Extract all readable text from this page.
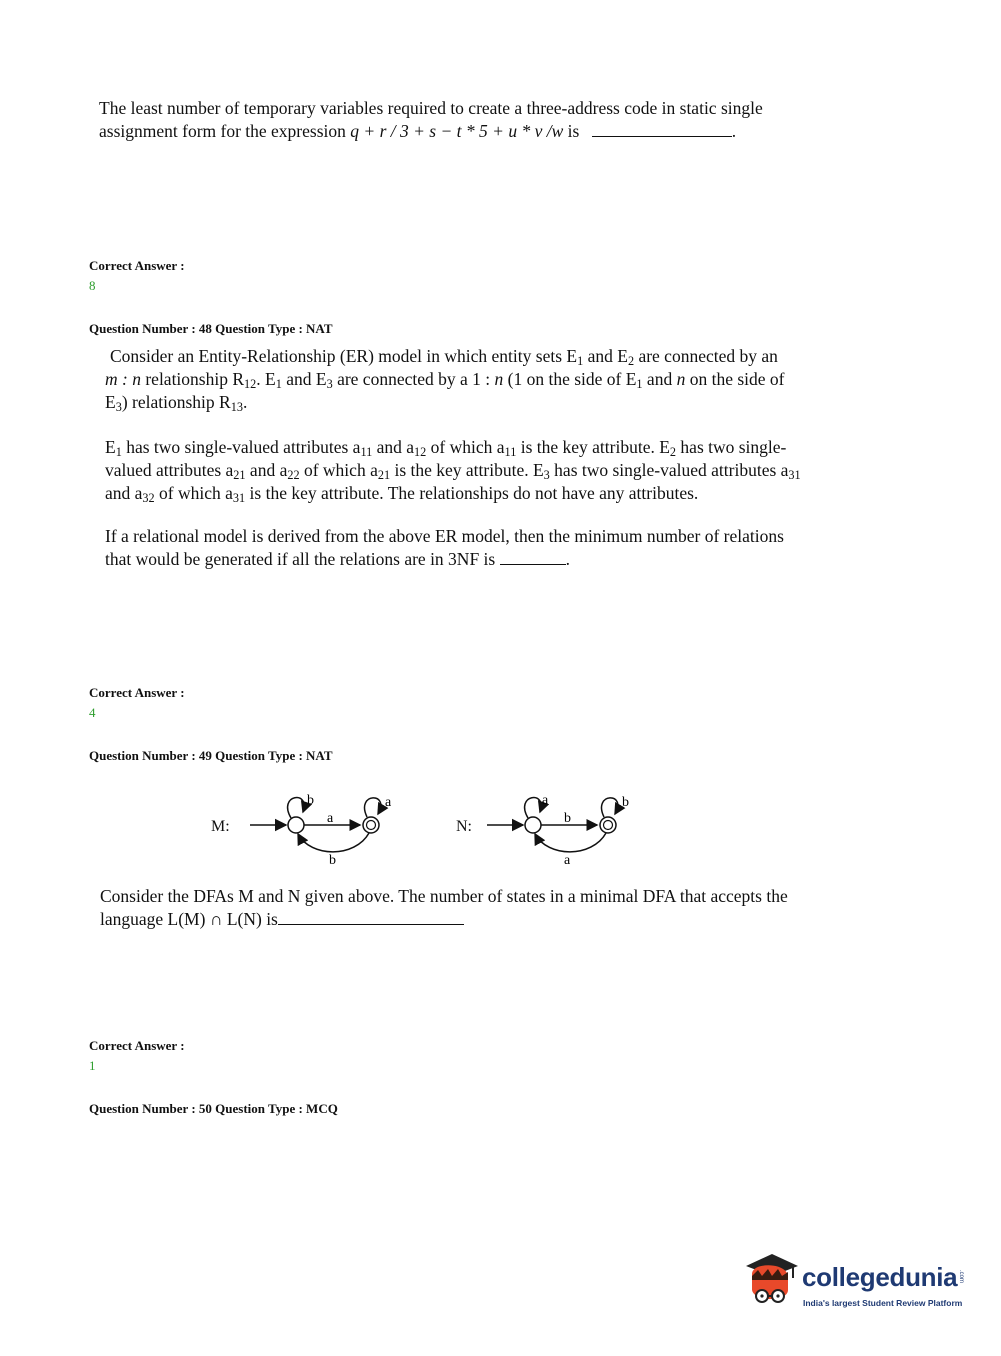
The least number of temporary variables required to create a three-address code in static single
assignment form for the expression q + r / 3 + s − t * 5 + u * v /w is	.
Correct Answer :
8
Question Number : 48 Question Type : NAT
Consider an Entity-Relationship (ER) model in which entity sets $E_1$ and $E_2$ are connected by an
m : n relationship $R_{12}$. $E_1$ and $E_3$ are connected by a 1 : n (1 on the side of $E_1$ and n on the side of
$E_3$) relationship $R_{13}$.
$E_1$ has two single-valued attributes $a_{11}$ and $a_{12}$ of which $a_{11}$ is the key attribute. $E_2$ has two single-
valued attributes $a_{21}$ and $a_{22}$ of which $a_{21}$ is the key attribute. $E_3$ has two single-valued attributes $a_{31}$
and $a_{32}$ of which $a_{31}$ is the key attribute. The relationships do not have any attributes.
If a relational model is derived from the above ER model, then the minimum number of relations
that would be generated if all the relations are in 3NF is	.
Correct Answer :
4
Question Number : 49 Question Type : NAT
M:
b
a
a
b
N:
a
b
b
a
Consider the DFAs M and N given above. The number of states in a minimal DFA that accepts the
language L(M) ∩ L(N) is
Correct Answer :
1
Question Number : 50 Question Type : MCQ
collegedunia .com
India's largest Student Review Platform
